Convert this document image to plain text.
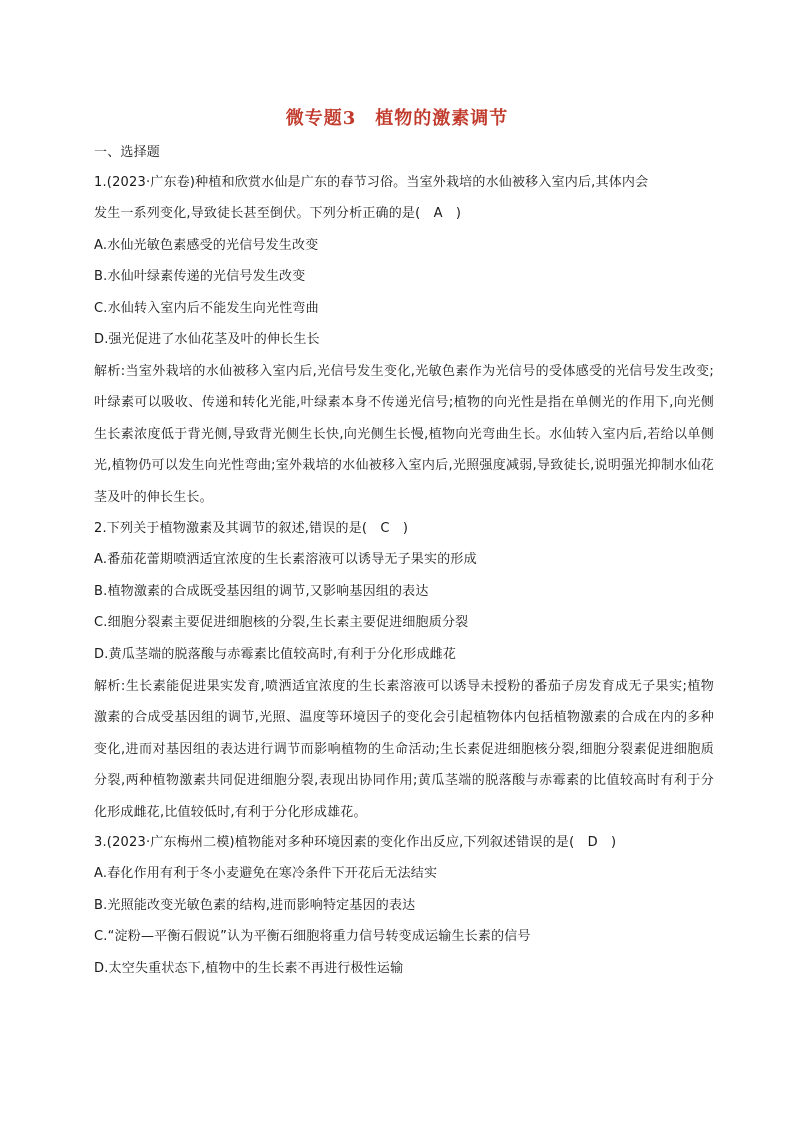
微专题3　植物的激素调节
一、选择题
1.(2023·广东卷)种植和欣赏水仙是广东的春节习俗。当室外栽培的水仙被移入室内后,其体内会
发生一系列变化,导致徒长甚至倒伏。下列分析正确的是(　A　)
A.水仙光敏色素感受的光信号发生改变
B.水仙叶绿素传递的光信号发生改变
C.水仙转入室内后不能发生向光性弯曲
D.强光促进了水仙花茎及叶的伸长生长
解析:当室外栽培的水仙被移入室内后,光信号发生变化,光敏色素作为光信号的受体感受的光信号发生改变;叶绿素可以吸收、传递和转化光能,叶绿素本身不传递光信号;植物的向光性是指在单侧光的作用下,向光侧生长素浓度低于背光侧,导致背光侧生长快,向光侧生长慢,植物向光弯曲生长。水仙转入室内后,若给以单侧光,植物仍可以发生向光性弯曲;室外栽培的水仙被移入室内后,光照强度减弱,导致徒长,说明强光抑制水仙花茎及叶的伸长生长。
2.下列关于植物激素及其调节的叙述,错误的是(　C　)
A.番茄花蕾期喷洒适宜浓度的生长素溶液可以诱导无子果实的形成
B.植物激素的合成既受基因组的调节,又影响基因组的表达
C.细胞分裂素主要促进细胞核的分裂,生长素主要促进细胞质分裂
D.黄瓜茎端的脱落酸与赤霉素比值较高时,有利于分化形成雌花
解析:生长素能促进果实发育,喷洒适宜浓度的生长素溶液可以诱导未授粉的番茄子房发育成无子果实;植物激素的合成受基因组的调节,光照、温度等环境因子的变化会引起植物体内包括植物激素的合成在内的多种变化,进而对基因组的表达进行调节而影响植物的生命活动;生长素促进细胞核分裂,细胞分裂素促进细胞质分裂,两种植物激素共同促进细胞分裂,表现出协同作用;黄瓜茎端的脱落酸与赤霉素的比值较高时有利于分化形成雌花,比值较低时,有利于分化形成雄花。
3.(2023·广东梅州二模)植物能对多种环境因素的变化作出反应,下列叙述错误的是(　D　)
A.春化作用有利于冬小麦避免在寒冷条件下开花后无法结实
B.光照能改变光敏色素的结构,进而影响特定基因的表达
C.“淀粉—平衡石假说”认为平衡石细胞将重力信号转变成运输生长素的信号
D.太空失重状态下,植物中的生长素不再进行极性运输
